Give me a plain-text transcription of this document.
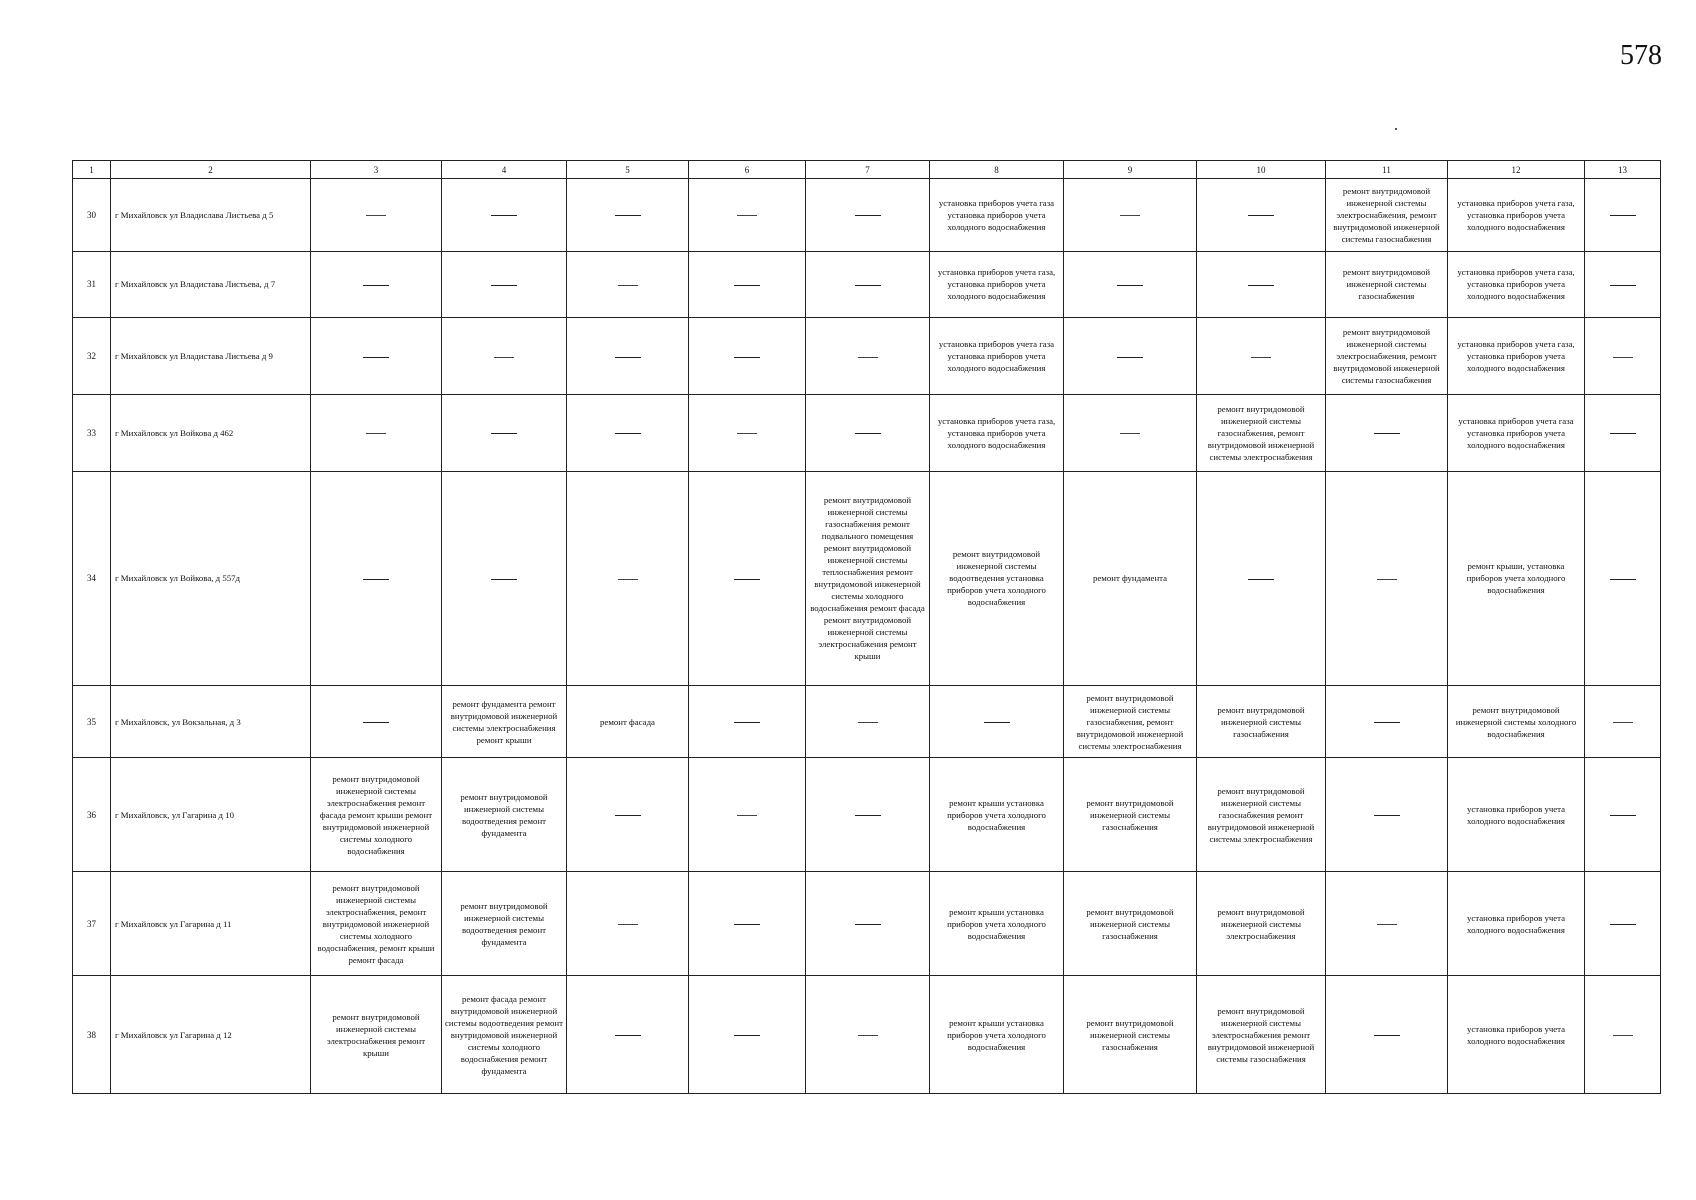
578
1	2	3	4	5	6	7	8	9	10	11	12	13
30	г Михайловск ул Владислава Листьева д 5						установка приборов учета газа установка приборов учета холодного водоснабжения			ремонт внутридомовой инженерной системы электроснабжения, ремонт внутридомовой инженерной системы газоснабжения	установка приборов учета газа, установка приборов учета холодного водоснабжения	
31	г Михайловск ул Владистава Листьева, д 7						установка приборов учета газа, установка приборов учета холодного водоснабжения			ремонт внутридомовой инженерной системы газоснабжения	установка приборов учета газа, установка приборов учета холодного водоснабжения	
32	г Михайловск ул Владистава Листьева д 9						установка приборов учета газа установка приборов учета холодного водоснабжения			ремонт внутридомовой инженерной системы электроснабжения, ремонт внутридомовой инженерной системы газоснабжения	установка приборов учета газа, установка приборов учета холодного водоснабжения	
33	г Михайловск ул Войкова д 462						установка приборов учета газа, установка приборов учета холодного водоснабжения		ремонт внутридомовой инженерной системы газоснабжения, ремонт внутридомовой инженерной системы электроснабжения		установка приборов учета газа установка приборов учета холодного водоснабжения	
34	г Михайловск ул Войкова, д 557д					ремонт внутридомовой инженерной системы газоснабжения ремонт подвального помещения ремонт внутридомовой инженерной системы теплоснабжения ремонт внутридомовой инженерной системы холодного водоснабжения ремонт фасада ремонт внутридомовой инженерной системы электроснабжения ремонт крыши	ремонт внутридомовой инженерной системы водоотведения установка приборов учета холодного водоснабжения	ремонт фундамента			ремонт крыши, установка приборов учета холодного водоснабжения	
35	г Михайловск, ул Вокзальная, д 3		ремонт фундамента ремонт внутридомовой инженерной системы электроснабжения ремонт крыши	ремонт фасада				ремонт внутридомовой инженерной системы газоснабжения, ремонт внутридомовой инженерной системы электроснабжения	ремонт внутридомовой инженерной системы газоснабжения		ремонт внутридомовой инженерной системы холодного водоснабжения	
36	г Михайловск, ул Гагарина д 10	ремонт внутридомовой инженерной системы электроснабжения ремонт фасада ремонт крыши ремонт внутридомовой инженерной системы холодного водоснабжения	ремонт внутридомовой инженерной системы водоотведения ремонт фундамента				ремонт крыши установка приборов учета холодного водоснабжения	ремонт внутридомовой инженерной системы газоснабжения	ремонт внутридомовой инженерной системы газоснабжения ремонт внутридомовой инженерной системы электроснабжения		установка приборов учета холодного водоснабжения	
37	г Михайловск ул Гагарина д 11	ремонт внутридомовой инженерной системы электроснабжения, ремонт внутридомовой инженерной системы холодного водоснабжения, ремонт крыши ремонт фасада	ремонт внутридомовой инженерной системы водоотведения ремонт фундамента				ремонт крыши установка приборов учета холодного водоснабжения	ремонт внутридомовой инженерной системы газоснабжения	ремонт внутридомовой инженерной системы электроснабжения		установка приборов учета холодного водоснабжения	
38	г Михайловск ул Гагарина д 12	ремонт внутридомовой инженерной системы электроснабжения ремонт крыши	ремонт фасада ремонт внутридомовой инженерной системы водоотведения ремонт внутридомовой инженерной системы холодного водоснабжения ремонт фундамента				ремонт крыши установка приборов учета холодного водоснабжения	ремонт внутридомовой инженерной системы газоснабжения	ремонт внутридомовой инженерной системы электроснабжения ремонт внутридомовой инженерной системы газоснабжения		установка приборов учета холодного водоснабжения	
